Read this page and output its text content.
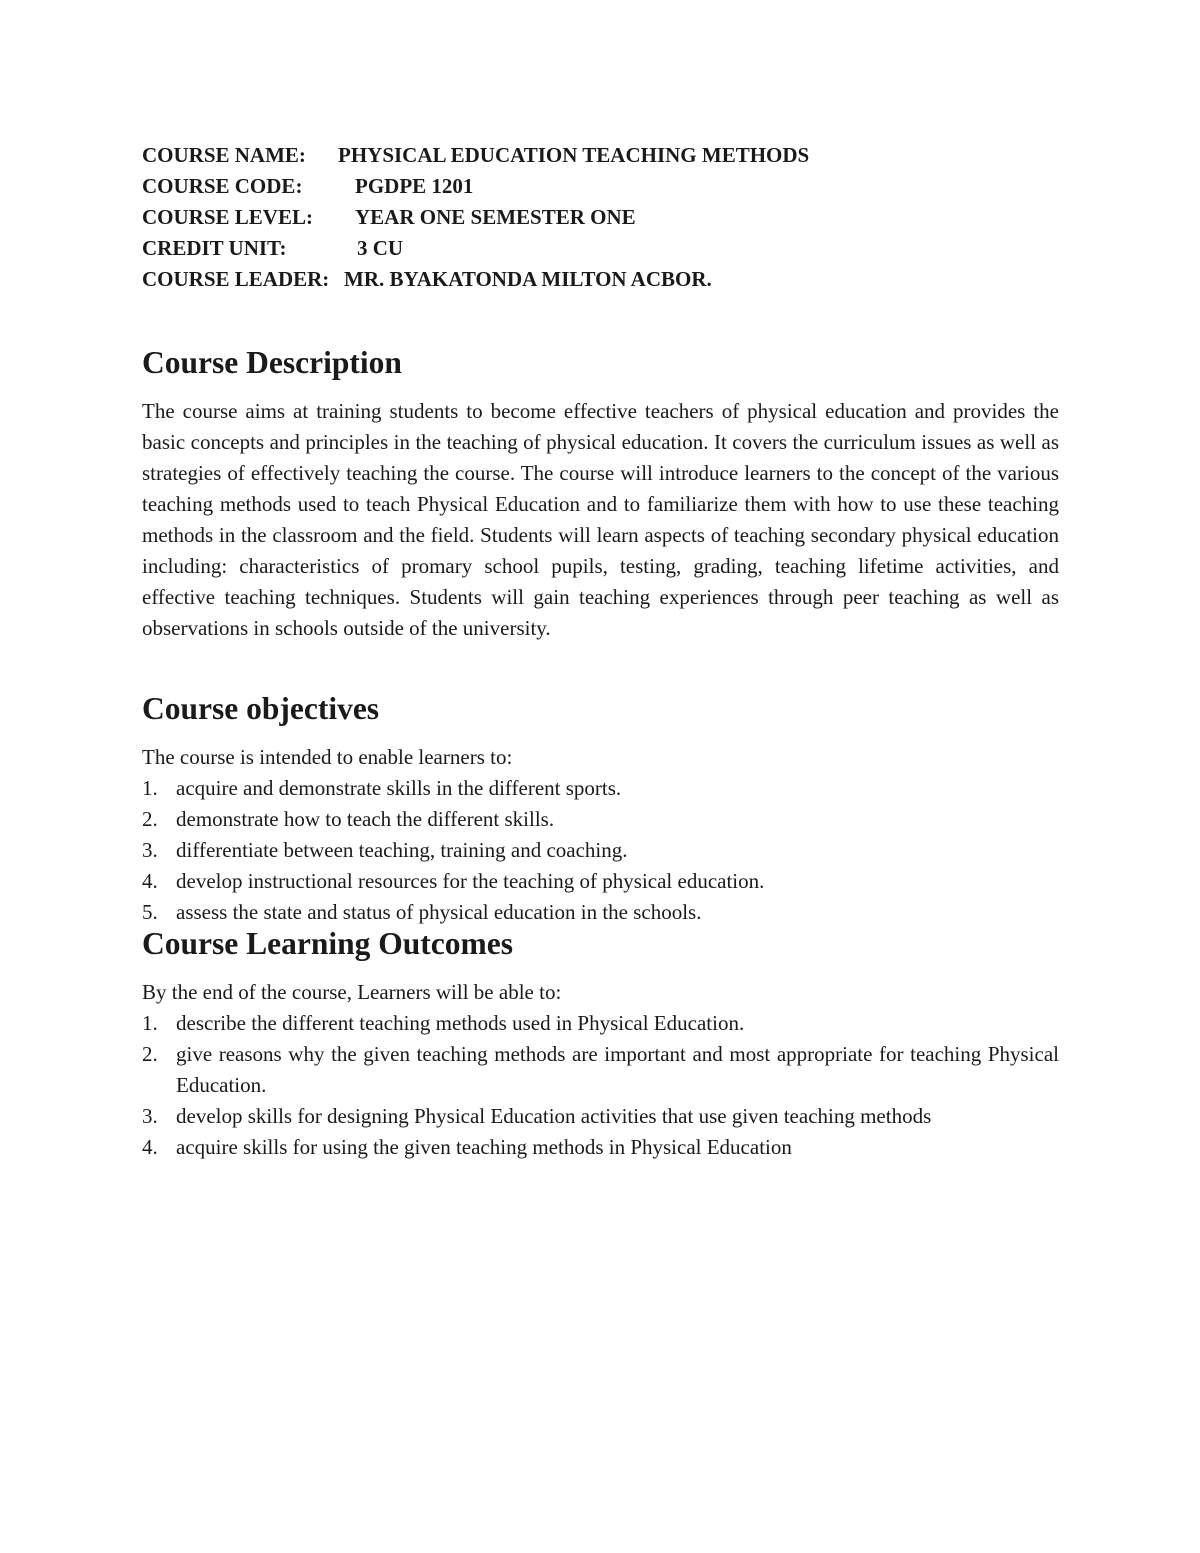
COURSE NAME:	PHYSICAL EDUCATION TEACHING METHODS
COURSE CODE:	PGDPE 1201
COURSE LEVEL:	YEAR ONE SEMESTER ONE
CREDIT UNIT:	3 CU
COURSE LEADER: MR. BYAKATONDA MILTON ACBOR.
Course Description

The course aims at training students to become effective teachers of physical education and provides the basic concepts and principles in the teaching of physical education. It covers the curriculum issues as well as strategies of effectively teaching the course. The course will introduce learners to the concept of the various teaching methods used to teach Physical Education and to familiarize them with how to use these teaching methods in the classroom and the field. Students will learn aspects of teaching secondary physical education including: characteristics of promary school pupils, testing, grading, teaching lifetime activities, and effective teaching techniques. Students will gain teaching experiences through peer teaching as well as observations in schools outside of the university.

Course objectives

The course is intended to enable learners to:

1. acquire and demonstrate skills in the different sports.
2. demonstrate how to teach the different skills.
3. differentiate between teaching, training and coaching.
4. develop instructional resources for the teaching of physical education.
5. assess the state and status of physical education in the schools.
Course Learning Outcomes

By the end of the course, Learners will be able to:

1. describe the different teaching methods used in Physical Education.
2. give reasons why the given teaching methods are important and most appropriate for teaching Physical Education.
3. develop skills for designing Physical Education activities that use given teaching methods
4. acquire skills for using the given teaching methods in Physical Education
